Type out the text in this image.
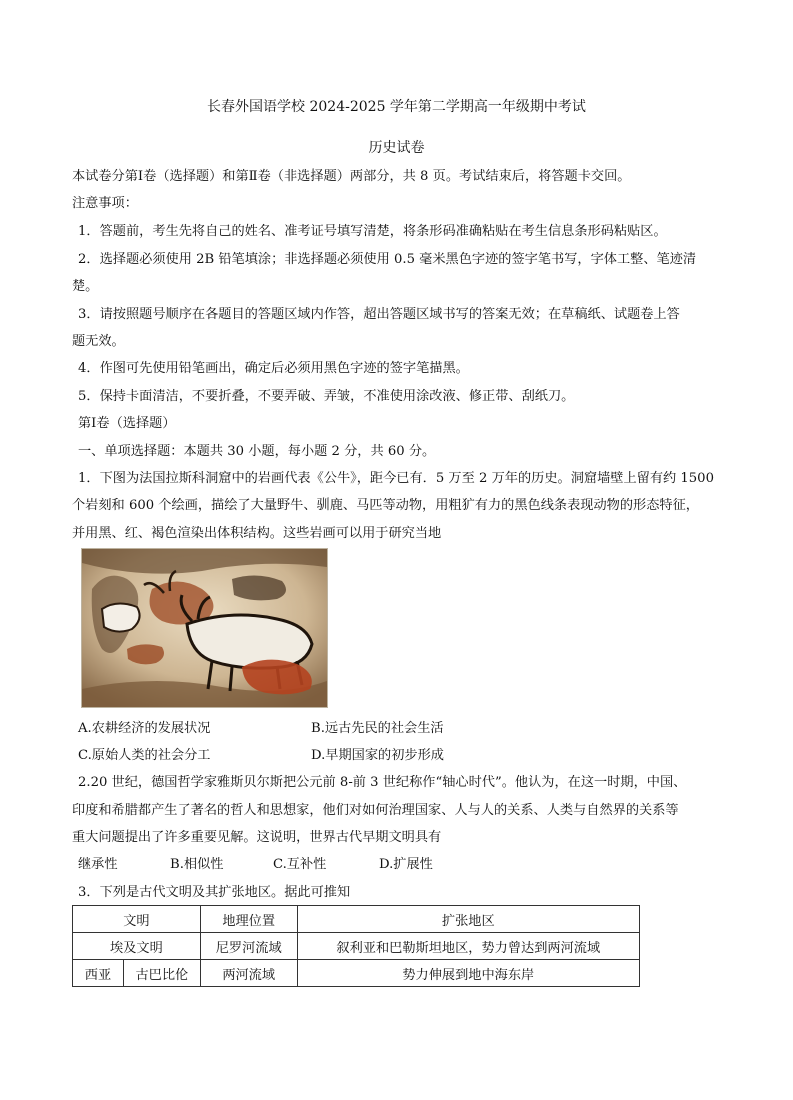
长春外国语学校 2024-2025 学年第二学期高一年级期中考试
历史试卷
本试卷分第Ⅰ卷（选择题）和第Ⅱ卷（非选择题）两部分，共 8 页。考试结束后，将答题卡交回。
注意事项：
1．答题前，考生先将自己的姓名、准考证号填写清楚，将条形码准确粘贴在考生信息条形码粘贴区。
2．选择题必须使用 2B 铅笔填涂；非选择题必须使用 0.5 毫米黑色字迹的签字笔书写，字体工整、笔迹清
楚。
3．请按照题号顺序在各题目的答题区域内作答，超出答题区域书写的答案无效；在草稿纸、试题卷上答
题无效。
4．作图可先使用铅笔画出，确定后必须用黑色字迹的签字笔描黑。
5．保持卡面清洁，不要折叠，不要弄破、弄皱，不准使用涂改液、修正带、刮纸刀。
第Ⅰ卷（选择题）
一、单项选择题：本题共 30 小题，每小题 2 分，共 60 分。
1．下图为法国拉斯科洞窟中的岩画代表《公牛》，距今已有．5 万至 2 万年的历史。洞窟墙壁上留有约 1500
个岩刻和 600 个绘画，描绘了大量野牛、驯鹿、马匹等动物，用粗犷有力的黑色线条表现动物的形态特征，
并用黑、红、褐色渲染出体积结构。这些岩画可以用于研究当地
A.农耕经济的发展状况	B.远古先民的社会生活
C.原始人类的社会分工	D.早期国家的初步形成
2.20 世纪，德国哲学家雅斯贝尔斯把公元前 8-前 3 世纪称作“轴心时代”。他认为，在这一时期，中国、
印度和希腊都产生了著名的哲人和思想家，他们对如何治理国家、人与人的关系、人类与自然界的关系等
重大问题提出了许多重要见解。这说明，世界古代早期文明具有
继承性	B.相似性	C.互补性	D.扩展性
3．下列是古代文明及其扩张地区。据此可推知
文明		地理位置	扩张地区
埃及文明		尼罗河流域	叙利亚和巴勒斯坦地区，势力曾达到两河流域
西亚	古巴比伦	两河流域	势力伸展到地中海东岸
